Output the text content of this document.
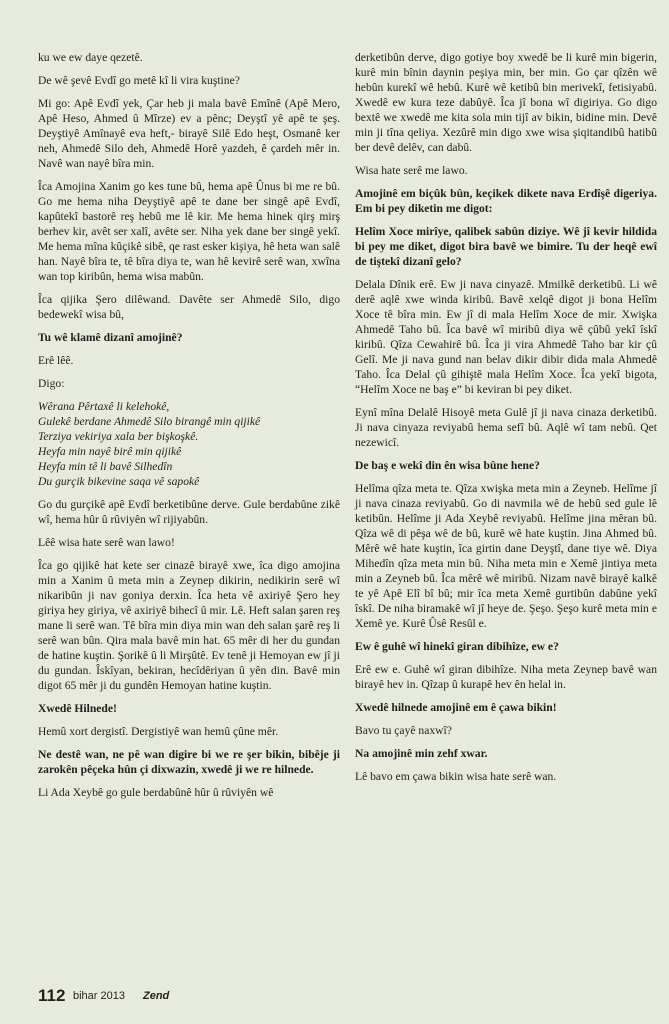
ku we ew daye qezetê.

De wê şevê Evdî go metê kî li vira kuştine?

Mi go: Apê Evdî yek, Çar heb ji mala bavê Emînê (Apê Mero, Apê Heso, Ahmed û Mîrze) ev a pênc; Deyştî yê apê te şeş. Deyştiyê Amînayê eva heft,- birayê Silê Edo heşt, Osmanê ker neh, Ahmedê Silo deh, Ahmedê Horê yazdeh, ê çardeh mêr in. Navê wan nayê bîra min.

Îca Amojina Xanim go kes tune bû, hema apê Ûnus bi me re bû. Go me hema niha Deyştiyê apê te dane ber singê apê Evdî, kapûtekî bastorê reş hebû me lê kir. Me hema hinek qirş mirş berhev kir, avêt ser xalî, avête ser. Niha yek dane ber singê yekî. Me hema mîna kûçikê sibê, qe rast esker kişiya, hê heta wan salê han. Nayê bîra te, tê bîra diya te, wan hê kevirê serê wan, xwîna wan top kiribûn, hema wisa mabûn.

Îca qijika Şero dilêwand. Davête ser Ahmedê Silo, digo bedewekî wisa bû,

Tu wê klamê dizanî amojinê?

Erê lêê.

Digo:

Wêrana Pêrtaxê li kelehokê,
Gulekê berdane Ahmedê Silo birangê min qijikê
Terziya vekiriya xala ber bişkoşkê.
Heyfa min nayê birê min qijikê
Heyfa min tê li bavê Silhedîn
Du gurçik bikevine saqa vê sapokê

Go du gurçikê apê Evdî berketibûne derve. Gule berdabûne zikê wî, hema hûr û rûviyên wî rijiyabûn.

Lêê wisa hate serê wan lawo!

Îca go qijikê hat kete ser cinazê birayê xwe, îca digo amojina min a Xanim û meta min a Zeynep dikirin, nedikirin serê wî nikaribûn ji nav goniya derxin. Îca heta vê axiriyê Şero hey giriya hey giriya, vê axiriyê bihecî û mir. Lê. Heft salan şaren reş mane li serê wan. Tê bîra min diya min wan deh salan şarê reş li serê wan bûn. Qira mala bavê min hat. 65 mêr di her du gundan de hatine kuştin. Şorikê û li Mirşûtê. Ev tenê ji Hemoyan ew jî ji du gundan. Îskîyan, bekiran, hecîdêriyan û yên din. Bavê min digot 65 mêr ji du gundên Hemoyan hatine kuştin.

Xwedê Hilnede!

Hemû xort dergistî. Dergistiyê wan hemû çûne mêr.

Ne destê wan, ne pê wan digire bi we re şer bikin, bibêje ji zarokên pêçeka hûn çi dixwazin, xwedê ji we re hilnede.

Li Ada Xeybê go gule berdabûnê hûr û rûviyên wê

derketibûn derve, digo gotiye boy xwedê be li kurê min bigerin, kurê min bînin daynin peşiya min, ber min. Go çar qîzên wê hebûn kurekî wê hebû. Kurê wê ketibû bin merivekî, fetisiyabû. Xwedê ew kura teze dabûyê. Îca jî bona wî digiriya. Go digo bextê we xwedê me kita sola min tijî av bikin, bidine min. Devê min ji tîna qeliya. Xezûrê min digo xwe wisa şiqitandibû hatibû ber devê delêv, can dabû.

Wisa hate serê me lawo.

Amojinê em biçûk bûn, keçikek dikete nava Erdîşê digeriya. Em bi pey diketin me digot:

Helîm Xoce mirîye, qalibek sabûn diziye. Wê jî kevir hildida bi pey me diket, digot bira bavê we bimire. Tu der heqê ewî de tiştekî dizanî gelo?

Delala Dînik erê. Ew ji nava cinyazê. Mmilkê derketibû. Li wê derê aqlê xwe winda kiribû. Bavê xelqê digot ji bona Helîm Xoce tê bîra min. Ew jî di mala Helîm Xoce de mir. Xwişka Ahmedê Taho bû. Îca bavê wî miribû diya wê çûbû yekî îskî kiribû. Qîza Cewahirê bû. Îca ji vira Ahmedê Taho bar kir çû Gelî. Me ji nava gund nan belav dikir dibir dida mala Ahmedê Taho. Îca Delal çû gihiştê mala Helîm Xoce. Îca yekî bigota, “Helîm Xoce ne baş e” bi keviran bi pey diket.

Eynî mîna Delalê Hisoyê meta Gulê jî ji nava cinaza derketibû. Ji nava cinyaza reviyabû hema sefî bû. Aqlê wî tam nebû. Qet nezewicî.

De baş e wekî din ên wisa bûne hene?

Helîma qîza meta te. Qîza xwişka meta min a Zeyneb. Helîme jî ji nava cinaza reviyabû. Go di navmila wê de hebû sed gule lê ketibûn. Helîme ji Ada Xeybê reviyabû. Helîme jina mêran bû. Qîza wê di pêşa wê de bû, kurê wê hate kuştin. Jina Ahmed bû. Mêrê wê hate kuştin, îca girtin dane Deyştî, dane tiye wê. Diya Mihedîn qîza meta min bû. Niha meta min e Xemê jintiya meta min a Zeyneb bû. Îca mêrê wê miribû. Nizam navê birayê kalkê te yê Apê Elî bî bû; mir îca meta Xemê gurtibûn dabûne yekî îskî. De niha biramakê wî jî heye de. Şeşo. Şeşo kurê meta min e Xemê ye. Kurê Ûsê Resûl e.

Ew ê guhê wî hinekî giran dibihîze, ew e?

Erê ew e. Guhê wî giran dibihîze. Niha meta Zeynep bavê wan birayê hev in. Qîzap û kurapê hev ên helal in.

Xwedê hilnede amojinê em ê çawa bikin!

Bavo tu çayê naxwî?

Na amojinê min zehf xwar.

Lê bavo em çawa bikin wisa hate serê wan.

112 bihar 2013 Zend
